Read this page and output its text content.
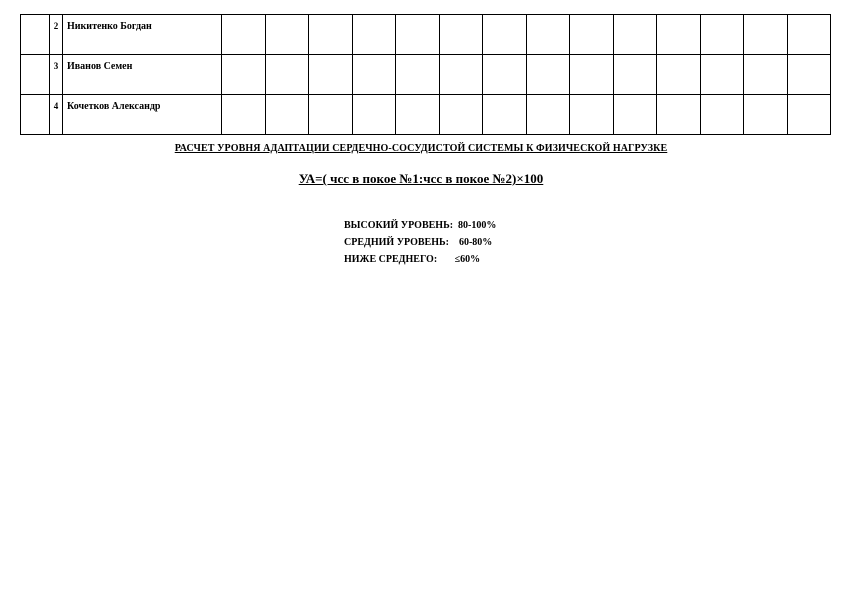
	2	Никитенко Богдан														
	3	Иванов Семен														
	4	Кочетков Александр														
РАСЧЕТ УРОВНЯ АДАПТАЦИИ СЕРДЕЧНО-СОСУДИСТОЙ СИСТЕМЫ К ФИЗИЧЕСКОЙ НАГРУЗКЕ
УА=( чсс в покое №1:чсс в покое №2)×100
ВЫСОКИЙ УРОВЕНЬ:  80-100%
СРЕДНИЙ УРОВЕНЬ:    60-80%
НИЖЕ СРЕДНЕГО:       ≤60%
